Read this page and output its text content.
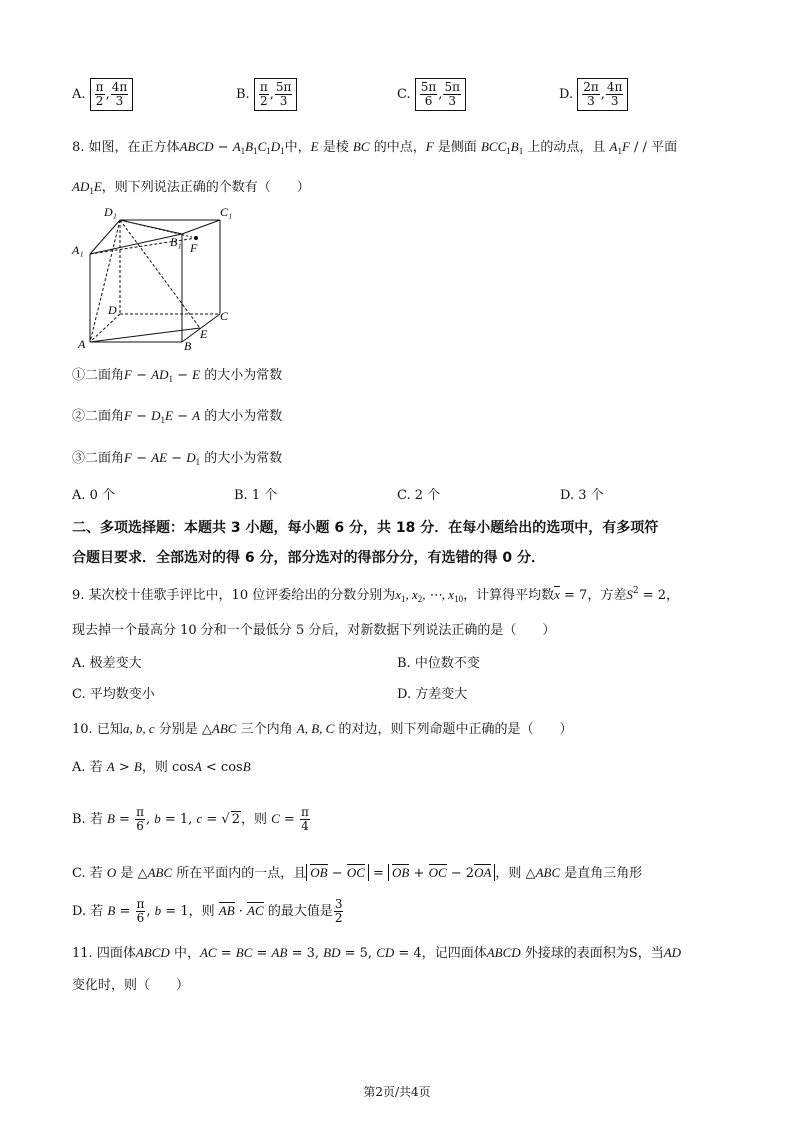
A. $\frac{\pi}{2}$ , $\frac{4\pi}{3}$	B. $\frac{\pi}{2}$ , $\frac{5\pi}{3}$	C. $\frac{5\pi}{6}$ , $\frac{5\pi}{3}$	D. $\frac{2\pi}{3}$ , $\frac{4\pi}{3}$
8. 如图，在正方体ABCD − $A_1B_1C_1D_1$中，E 是棱 BC 的中点，F 是侧面 $BCC_1B_1$ 上的动点，且 $A_1F$ / / 平面
$AD_1E$，则下列说法正确的个数有（　　）
D₁	C₁
A₁
B₁ F
D	C
E
A	B
①二面角$F - AD_1 - E$ 的大小为常数
②二面角$F - D_1E - A$ 的大小为常数
③二面角F − AE − $D_1$ 的大小为常数
A. 0 个	B. 1 个	C. 2 个	D. 3 个
二、多项选择题：本题共 3 小题，每小题 6 分，共 18 分．在每小题给出的选项中，有多项符
合题目要求．全部选对的得 6 分，部分选对的得部分分，有选错的得 0 分．
9. 某次校十佳歌手评比中，10 位评委给出的分数分别为$x_1$, $x_2$, ⋯, $x_{10}$，计算得平均数$\overline{x} = 7$，方差$S^2 = 2$，
现去掉一个最高分 10 分和一个最低分 5 分后，对新数据下列说法正确的是（　　）
A. 极差变大	B. 中位数不变
C. 平均数变小	D. 方差变大
10. 已知a, b, c 分别是 △ABC 三个内角 A, B, C 的对边，则下列命题中正确的是（　　）
A. 若 A > B，则 cosA < cosB
B. 若 $B = \frac{\pi}{6}$ , b = 1, c = √ 2，则 $C = \frac{\pi}{4}$
C. 若 O 是 △ABC 所在平面内的一点，且 OB − OC = OB + OC − 2OA ，则 △ABC 是直角三角形
D. 若 $B = \frac{\pi}{6}$ , b = 1，则 AB · AC 的最大值是 $\frac{3}{2}$
11. 四面体ABCD 中，AC = BC = AB = 3, BD = 5, CD = 4，记四面体ABCD 外接球的表面积为S，当AD
变化时，则（　　）
第2页/共4页
